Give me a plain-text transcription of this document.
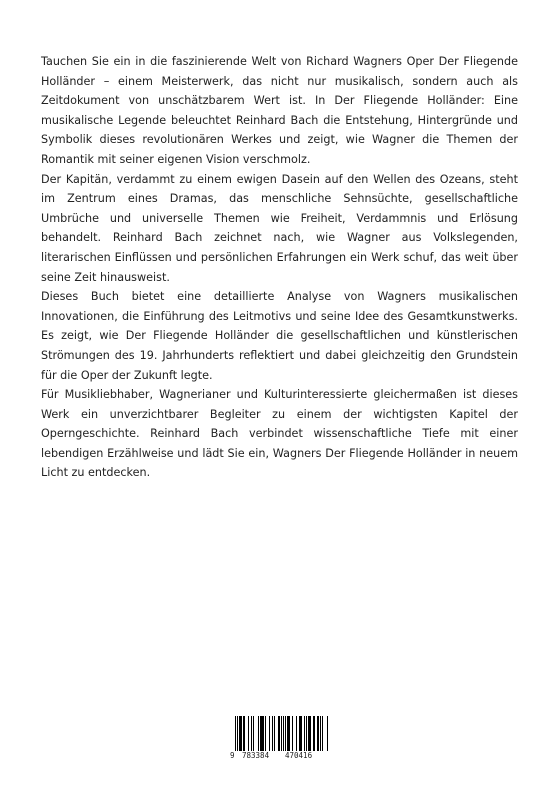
Tauchen Sie ein in die faszinierende Welt von Richard Wagners Oper Der Fliegende Holländer – einem Meisterwerk, das nicht nur musikalisch, sondern auch als Zeitdokument von unschätzbarem Wert ist. In Der Fliegende Holländer: Eine musikalische Legende beleuchtet Reinhard Bach die Entstehung, Hintergründe und Symbolik dieses revolutionären Werkes und zeigt, wie Wagner die Themen der Romantik mit seiner eigenen Vision verschmolz.

Der Kapitän, verdammt zu einem ewigen Dasein auf den Wellen des Ozeans, steht im Zentrum eines Dramas, das menschliche Sehnsüchte, gesellschaftliche Umbrüche und universelle Themen wie Freiheit, Verdammnis und Erlösung behandelt. Reinhard Bach zeichnet nach, wie Wagner aus Volkslegenden, literarischen Einflüssen und persönlichen Erfahrungen ein Werk schuf, das weit über seine Zeit hinausweist.

Dieses Buch bietet eine detaillierte Analyse von Wagners musikalischen Innovationen, die Einführung des Leitmotivs und seine Idee des Gesamtkunstwerks. Es zeigt, wie Der Fliegende Holländer die gesellschaftlichen und künstlerischen Strömungen des 19. Jahrhunderts reflektiert und dabei gleichzeitig den Grundstein für die Oper der Zukunft legte.

Für Musikliebhaber, Wagnerianer und Kulturinteressierte gleichermaßen ist dieses Werk ein unverzichtbarer Begleiter zu einem der wichtigsten Kapitel der Operngeschichte. Reinhard Bach verbindet wissenschaftliche Tiefe mit einer lebendigen Erzählweise und lädt Sie ein, Wagners Der Fliegende Holländer in neuem Licht zu entdecken.

9 783384 470416
